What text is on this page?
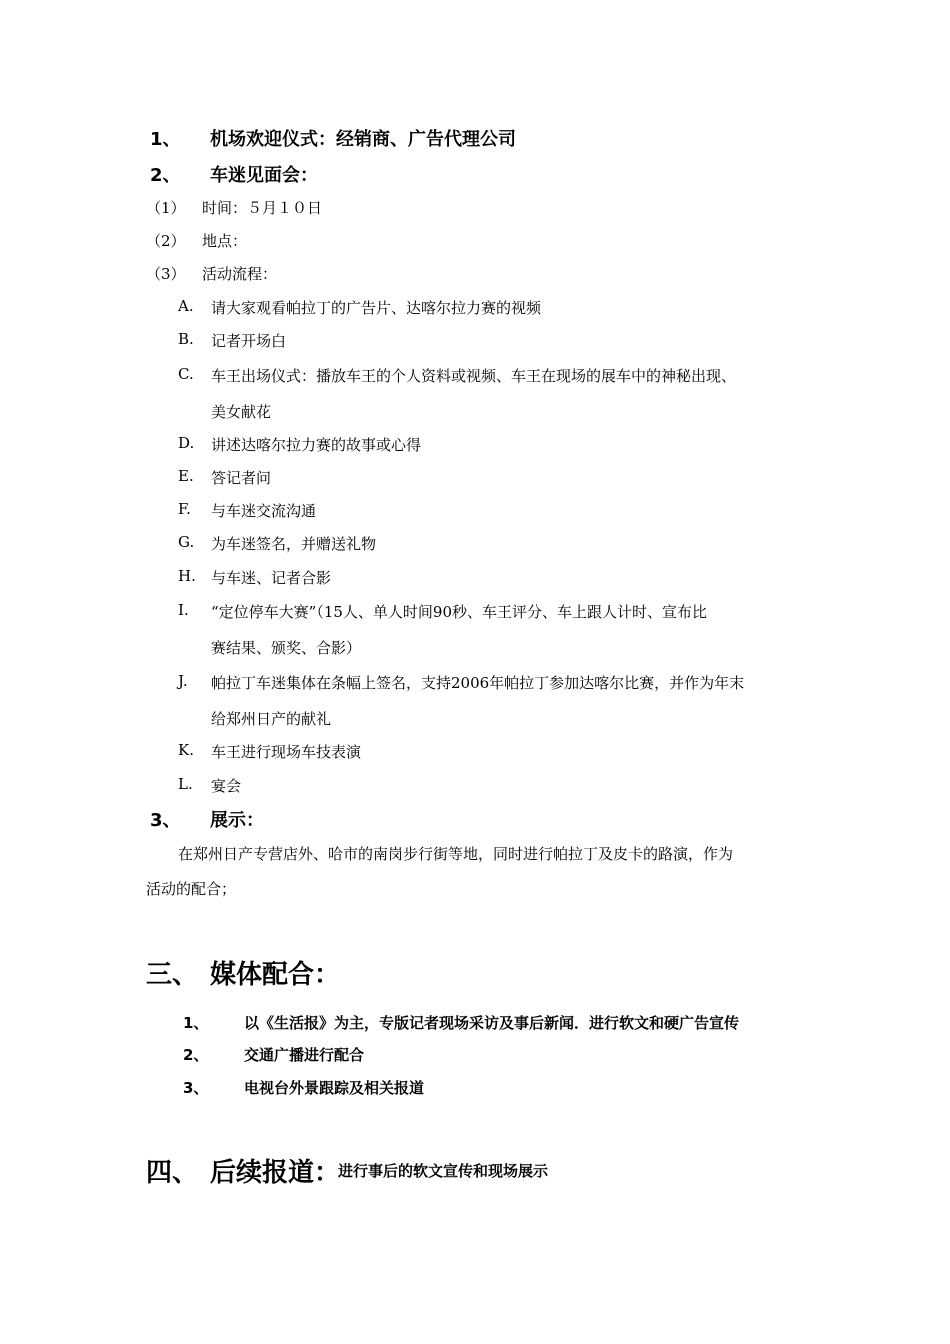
1、 机场欢迎仪式：经销商、广告代理公司
2、 车迷见面会：
（1） 时间：５月１０日
（2） 地点：
（3） 活动流程：
A. 请大家观看帕拉丁的广告片、达喀尔拉力赛的视频
B. 记者开场白
C. 车王出场仪式：播放车王的个人资料或视频、车王在现场的展车中的神秘出现、
美女献花
D. 讲述达喀尔拉力赛的故事或心得
E. 答记者问
F. 与车迷交流沟通
G. 为车迷签名，并赠送礼物
H. 与车迷、记者合影
I. “定位停车大赛”（15人、单人时间90秒、车王评分、车上跟人计时、宣布比
赛结果、颁奖、合影）
J. 帕拉丁车迷集体在条幅上签名，支持2006年帕拉丁参加达喀尔比赛，并作为年末
给郑州日产的献礼
K. 车王进行现场车技表演
L. 宴会
3、 展示：
在郑州日产专营店外、哈市的南岗步行街等地，同时进行帕拉丁及皮卡的路演，作为
活动的配合；
三、 媒体配合：
1、 以《生活报》为主，专版记者现场采访及事后新闻．进行软文和硬广告宣传
2、 交通广播进行配合
3、 电视台外景跟踪及相关报道
四、 后续报道：
进行事后的软文宣传和现场展示
